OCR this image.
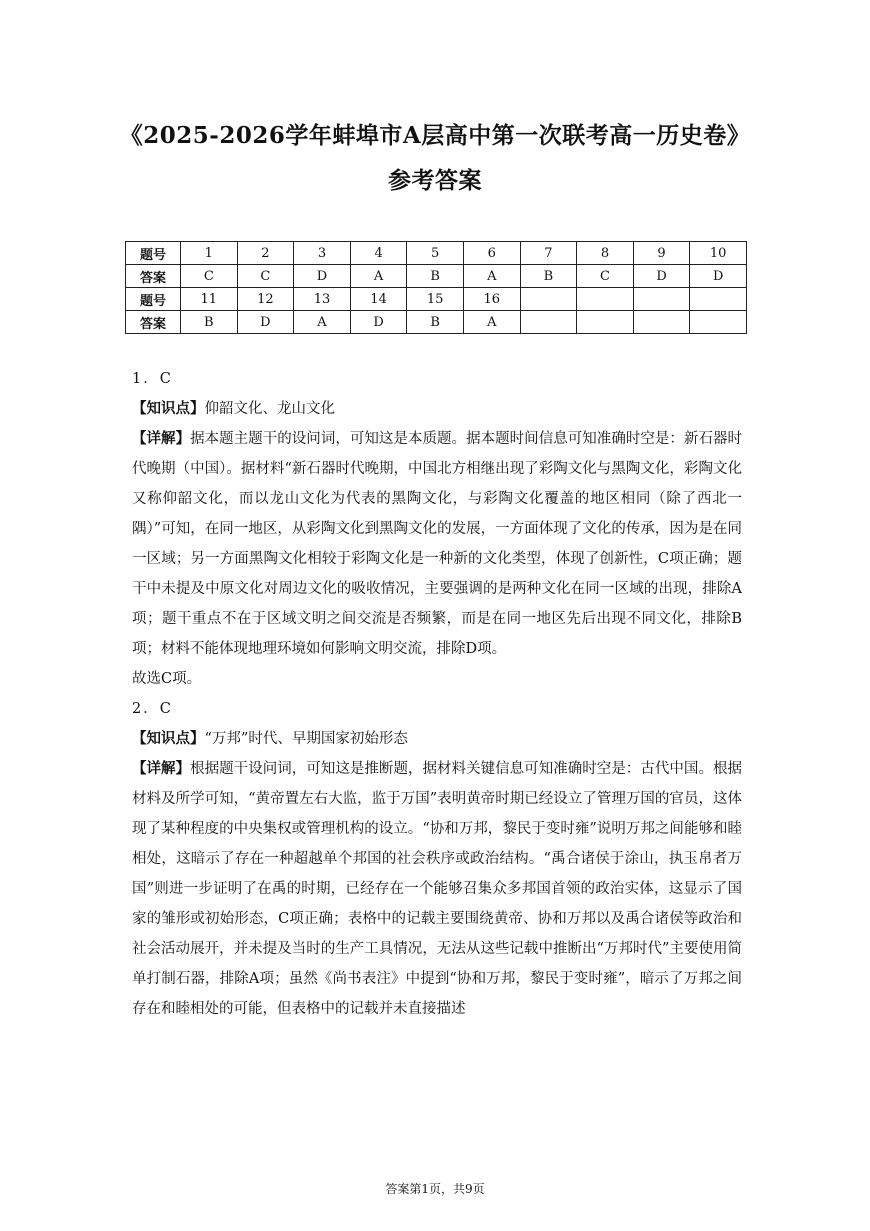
《2025-2026学年蚌埠市A层高中第一次联考高一历史卷》
参考答案
题号	1	2	3	4	5	6	7	8	9	10
答案	C	C	D	A	B	A	B	C	D	D
题号	11	12	13	14	15	16				
答案	B	D	A	D	B	A				

1．C

【知识点】仰韶文化、龙山文化

【详解】据本题主题干的设问词，可知这是本质题。据本题时间信息可知准确时空是：新石器时代晚期（中国）。据材料“新石器时代晚期，中国北方相继出现了彩陶文化与黑陶文化，彩陶文化又称仰韶文化，而以龙山文化为代表的黑陶文化，与彩陶文化覆盖的地区相同（除了西北一隅）”可知，在同一地区，从彩陶文化到黑陶文化的发展，一方面体现了文化的传承，因为是在同一区域；另一方面黑陶文化相较于彩陶文化是一种新的文化类型，体现了创新性，C项正确；题干中未提及中原文化对周边文化的吸收情况，主要强调的是两种文化在同一区域的出现，排除A项；题干重点不在于区域文明之间交流是否频繁，而是在同一地区先后出现不同文化，排除B项；材料不能体现地理环境如何影响文明交流，排除D项。

故选C项。

2．C

【知识点】“万邦”时代、早期国家初始形态

【详解】根据题干设问词，可知这是推断题，据材料关键信息可知准确时空是：古代中国。根据材料及所学可知，“黄帝置左右大监，监于万国”表明黄帝时期已经设立了管理万国的官员，这体现了某种程度的中央集权或管理机构的设立。“协和万邦，黎民于变时雍”说明万邦之间能够和睦相处，这暗示了存在一种超越单个邦国的社会秩序或政治结构。“禹合诸侯于涂山，执玉帛者万国”则进一步证明了在禹的时期，已经存在一个能够召集众多邦国首领的政治实体，这显示了国家的雏形或初始形态，C项正确；表格中的记载主要围绕黄帝、协和万邦以及禹合诸侯等政治和社会活动展开，并未提及当时的生产工具情况，无法从这些记载中推断出“万邦时代”主要使用简单打制石器，排除A项；虽然《尚书表注》中提到“协和万邦，黎民于变时雍”，暗示了万邦之间存在和睦相处的可能，但表格中的记载并未直接描述

答案第1页，共9页
